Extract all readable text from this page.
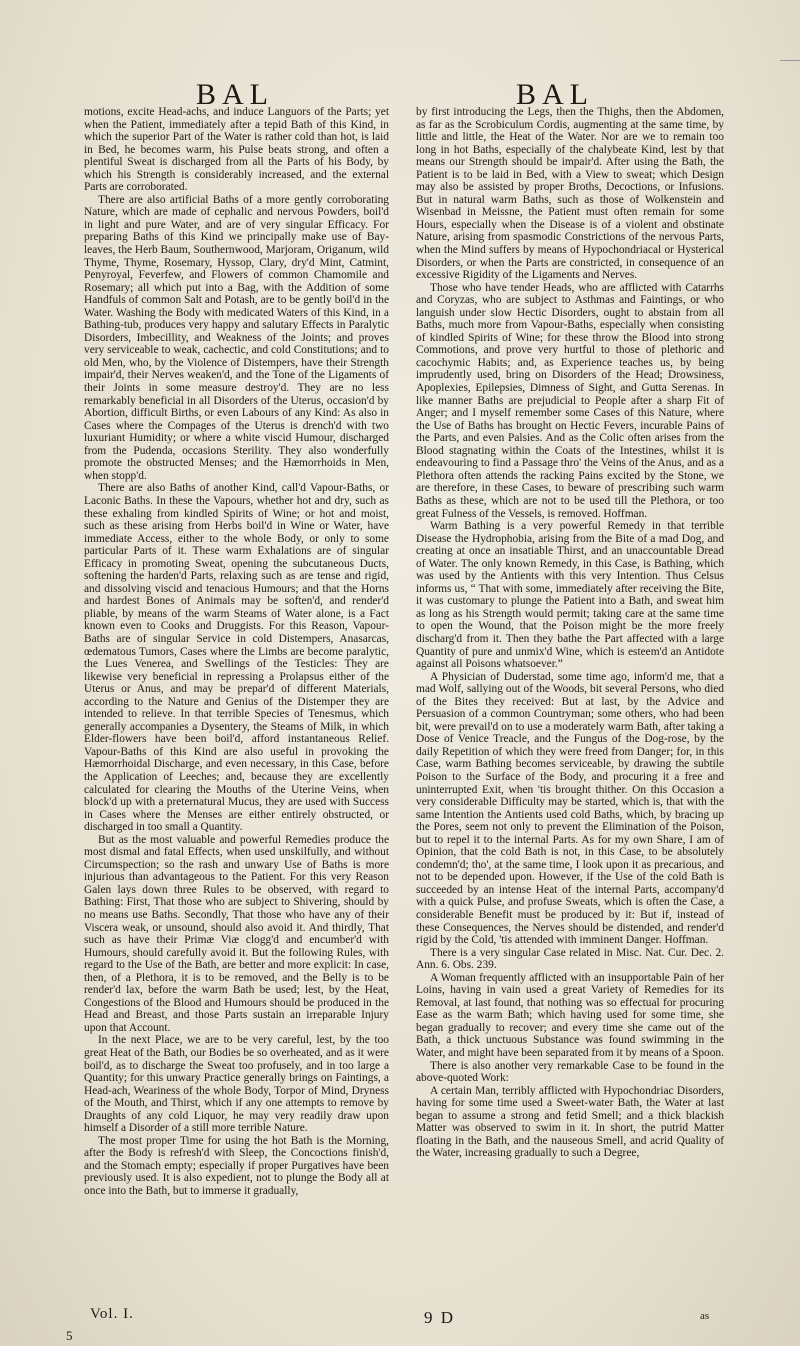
BAL	BAL

motions, excite Head-achs, and induce Languors of the Parts; yet when the Patient, immediately after a tepid Bath of this Kind, in which the superior Part of the Water is rather cold than hot, is laid in Bed, he becomes warm, his Pulse beats strong, and often a plentiful Sweat is discharged from all the Parts of his Body, by which his Strength is considerably increased, and the external Parts are corroborated.

There are also artificial Baths of a more gently corroborating Nature, which are made of cephalic and nervous Powders, boil'd in light and pure Water, and are of very singular Efficacy. For preparing Baths of this Kind we principally make use of Bay-leaves, the Herb Baum, Southernwood, Marjoram, Origanum, wild Thyme, Thyme, Rosemary, Hyssop, Clary, dry'd Mint, Catmint, Penyroyal, Feverfew, and Flowers of common Chamomile and Rosemary; all which put into a Bag, with the Addition of some Handfuls of common Salt and Potash, are to be gently boil'd in the Water. Washing the Body with medicated Waters of this Kind, in a Bathing-tub, produces very happy and salutary Effects in Paralytic Disorders, Imbecillity, and Weakness of the Joints; and proves very serviceable to weak, cachectic, and cold Constitutions; and to old Men, who, by the Violence of Distempers, have their Strength impair'd, their Nerves weaken'd, and the Tone of the Ligaments of their Joints in some measure destroy'd. They are no less remarkably beneficial in all Disorders of the Uterus, occasion'd by Abortion, difficult Births, or even Labours of any Kind: As also in Cases where the Compages of the Uterus is drench'd with two luxuriant Humidity; or where a white viscid Humour, discharged from the Pudenda, occasions Sterility. They also wonderfully promote the obstructed Menses; and the Hæmorrhoids in Men, when stopp'd.

There are also Baths of another Kind, call'd Vapour-Baths, or Laconic Baths. In these the Vapours, whether hot and dry, such as these exhaling from kindled Spirits of Wine; or hot and moist, such as these arising from Herbs boil'd in Wine or Water, have immediate Access, either to the whole Body, or only to some particular Parts of it. These warm Exhalations are of singular Efficacy in promoting Sweat, opening the subcutaneous Ducts, softening the harden'd Parts, relaxing such as are tense and rigid, and dissolving viscid and tenacious Humours; and that the Horns and hardest Bones of Animals may be soften'd, and render'd pliable, by means of the warm Steams of Water alone, is a Fact known even to Cooks and Druggists. For this Reason, Vapour-Baths are of singular Service in cold Distempers, Anasarcas, œdematous Tumors, Cases where the Limbs are become paralytic, the Lues Venerea, and Swellings of the Testicles: They are likewise very beneficial in repressing a Prolapsus either of the Uterus or Anus, and may be prepar'd of different Materials, according to the Nature and Genius of the Distemper they are intended to relieve. In that terrible Species of Tenesmus, which generally accompanies a Dysentery, the Steams of Milk, in which Elder-flowers have been boil'd, afford instantaneous Relief. Vapour-Baths of this Kind are also useful in provoking the Hæmorrhoidal Discharge, and even necessary, in this Case, before the Application of Leeches; and, because they are excellently calculated for clearing the Mouths of the Uterine Veins, when block'd up with a preternatural Mucus, they are used with Success in Cases where the Menses are either entirely obstructed, or discharged in too small a Quantity.

But as the most valuable and powerful Remedies produce the most dismal and fatal Effects, when used unskilfully, and without Circumspection; so the rash and unwary Use of Baths is more injurious than advantageous to the Patient. For this very Reason Galen lays down three Rules to be observed, with regard to Bathing: First, That those who are subject to Shivering, should by no means use Baths. Secondly, That those who have any of their Viscera weak, or unsound, should also avoid it. And thirdly, That such as have their Primæ Viæ clogg'd and encumber'd with Humours, should carefully avoid it. But the following Rules, with regard to the Use of the Bath, are better and more explicit: In case, then, of a Plethora, it is to be removed, and the Belly is to be render'd lax, before the warm Bath be used; lest, by the Heat, Congestions of the Blood and Humours should be produced in the Head and Breast, and those Parts sustain an irreparable Injury upon that Account.

In the next Place, we are to be very careful, lest, by the too great Heat of the Bath, our Bodies be so overheated, and as it were boil'd, as to discharge the Sweat too profusely, and in too large a Quantity; for this unwary Practice generally brings on Faintings, a Head-ach, Weariness of the whole Body, Torpor of Mind, Dryness of the Mouth, and Thirst, which if any one attempts to remove by Draughts of any cold Liquor, he may very readily draw upon himself a Disorder of a still more terrible Nature.

The most proper Time for using the hot Bath is the Morning, after the Body is refresh'd with Sleep, the Concoctions finish'd, and the Stomach empty; especially if proper Purgatives have been previously used. It is also expedient, not to plunge the Body all at once into the Bath, but to immerse it gradually,

by first introducing the Legs, then the Thighs, then the Abdomen, as far as the Scrobiculum Cordis, augmenting at the same time, by little and little, the Heat of the Water. Nor are we to remain too long in hot Baths, especially of the chalybeate Kind, lest by that means our Strength should be impair'd. After using the Bath, the Patient is to be laid in Bed, with a View to sweat; which Design may also be assisted by proper Broths, Decoctions, or Infusions. But in natural warm Baths, such as those of Wolkenstein and Wisenbad in Meissne, the Patient must often remain for some Hours, especially when the Disease is of a violent and obstinate Nature, arising from spasmodic Constrictions of the nervous Parts, when the Mind suffers by means of Hypochondriacal or Hysterical Disorders, or when the Parts are constricted, in consequence of an excessive Rigidity of the Ligaments and Nerves.

Those who have tender Heads, who are afflicted with Catarrhs and Coryzas, who are subject to Asthmas and Faintings, or who languish under slow Hectic Disorders, ought to abstain from all Baths, much more from Vapour-Baths, especially when consisting of kindled Spirits of Wine; for these throw the Blood into strong Commotions, and prove very hurtful to those of plethoric and cacochymic Habits; and, as Experience teaches us, by being imprudently used, bring on Disorders of the Head; Drowsiness, Apoplexies, Epilepsies, Dimness of Sight, and Gutta Serenas. In like manner Baths are prejudicial to People after a sharp Fit of Anger; and I myself remember some Cases of this Nature, where the Use of Baths has brought on Hectic Fevers, incurable Pains of the Parts, and even Palsies. And as the Colic often arises from the Blood stagnating within the Coats of the Intestines, whilst it is endeavouring to find a Passage thro' the Veins of the Anus, and as a Plethora often attends the racking Pains excited by the Stone, we are therefore, in these Cases, to beware of prescribing such warm Baths as these, which are not to be used till the Plethora, or too great Fulness of the Vessels, is removed. Hoffman.

Warm Bathing is a very powerful Remedy in that terrible Disease the Hydrophobia, arising from the Bite of a mad Dog, and creating at once an insatiable Thirst, and an unaccountable Dread of Water. The only known Remedy, in this Case, is Bathing, which was used by the Antients with this very Intention. Thus Celsus informs us, “ That with some, immediately after receiving the Bite, it was customary to plunge the Patient into a Bath, and sweat him as long as his Strength would permit; taking care at the same time to open the Wound, that the Poison might be the more freely discharg'd from it. Then they bathe the Part affected with a large Quantity of pure and unmix'd Wine, which is esteem'd an Antidote against all Poisons whatsoever.”

A Physician of Duderstad, some time ago, inform'd me, that a mad Wolf, sallying out of the Woods, bit several Persons, who died of the Bites they received: But at last, by the Advice and Persuasion of a common Countryman; some others, who had been bit, were prevail'd on to use a moderately warm Bath, after taking a Dose of Venice Treacle, and the Fungus of the Dog-rose, by the daily Repetition of which they were freed from Danger; for, in this Case, warm Bathing becomes serviceable, by drawing the subtile Poison to the Surface of the Body, and procuring it a free and uninterrupted Exit, when 'tis brought thither. On this Occasion a very considerable Difficulty may be started, which is, that with the same Intention the Antients used cold Baths, which, by bracing up the Pores, seem not only to prevent the Elimination of the Poison, but to repel it to the internal Parts. As for my own Share, I am of Opinion, that the cold Bath is not, in this Case, to be absolutely condemn'd; tho', at the same time, I look upon it as precarious, and not to be depended upon. However, if the Use of the cold Bath is succeeded by an intense Heat of the internal Parts, accompany'd with a quick Pulse, and profuse Sweats, which is often the Case, a considerable Benefit must be produced by it: But if, instead of these Consequences, the Nerves should be distended, and render'd rigid by the Cold, 'tis attended with imminent Danger. Hoffman.

There is a very singular Case related in Misc. Nat. Cur. Dec. 2. Ann. 6. Obs. 239.

A Woman frequently afflicted with an insupportable Pain of her Loins, having in vain used a great Variety of Remedies for its Removal, at last found, that nothing was so effectual for procuring Ease as the warm Bath; which having used for some time, she began gradually to recover; and every time she came out of the Bath, a thick unctuous Substance was found swimming in the Water, and might have been separated from it by means of a Spoon.

There is also another very remarkable Case to be found in the above-quoted Work:

A certain Man, terribly afflicted with Hypochondriac Disorders, having for some time used a Sweet-water Bath, the Water at last began to assume a strong and fetid Smell; and a thick blackish Matter was observed to swim in it. In short, the putrid Matter floating in the Bath, and the nauseous Smell, and acrid Quality of the Water, increasing gradually to such a Degree,

Vol. I.	9 D	as
5
